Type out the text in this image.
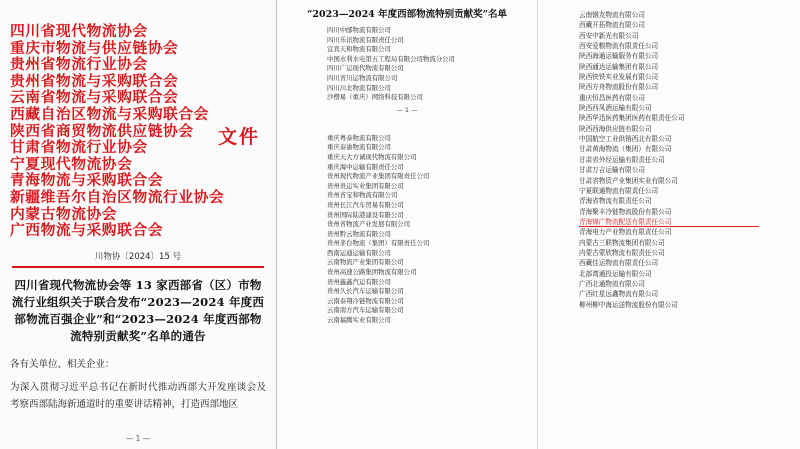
四川省现代物流协会
重庆市物流与供应链协会
贵州省物流行业协会
贵州省物流与采购联合会
云南省物流与采购联合会
西藏自治区物流与采购联合会
陕西省商贸物流供应链协会
甘肃省物流行业协会
宁夏现代物流协会
青海物流与采购联合会
新疆维吾尔自治区物流行业协会
内蒙古物流协会
广西物流与采购联合会
文件
川物协〔2024〕15 号
四川省现代物流协会等 13 家西部省（区）市物流行业组织关于联合发布“2023—2024 年度西部物流百强企业”和“2023—2024 年度西部物流特别贡献奖”名单的通告
各有关单位、相关企业：
为深入贯彻习近平总书记在新时代推动西部大开发座谈会及考察西部陆海新通道时的重要讲话精神，打造西部地区
— 1 —
“2023—2024 年度西部物流特别贡献奖”名单
四川中邮物流有限公司
四川乐讯物流有限责任公司
宜宾天和物流有限公司
中国水利水电第五工程局有限公司物流分公司
四川广运现代物流有限公司
四川省川运物流有限公司
四川川北物流有限公司
沙僧易（重庆）网络科技有限公司
— 1 —
重庆粤泰物流有限公司
重庆泰渝物流有限公司
重庆天大方诚现代物流有限公司
重庆海中运输有限责任公司
贵州现代物流产业集团有限责任公司
贵州贵运实业集团有限公司
贵州省宝和物流有限公司
贵州长江汽车贸易有限公司
贵州国际陆港建设有限公司
贵州省物流产业发展有限公司
贵州黔云物流有限公司
贵州茅台物流（集团）有限责任公司
西南运通运输有限公司
云南物流产业集团有限公司
贵州高速公路集团物流有限公司
贵州鑫鑫汽运有限公司
贵州久长汽车运输有限公司
云南泰翔冷链物流有限公司
云南南方汽车运输有限公司
云南福腾实业有限公司
云南钢友物流有限公司
西藏开拓物流有限公司
西安中新光有限公司
西安爱粮物流有限责任公司
陕西海通运输服务有限公司
陕西通达运输集团有限公司
陕西快铁实业发展有限公司
陕西方舟物流股份有限公司
重庆恒昌医药有限公司
陕西西凤酒运输有限公司
陕西华迅医药集团医药有限责任公司
陕西西海供应链有限公司
中国航空工业供销西北有限公司
甘肃黄海物流（集团）有限公司
甘肃省外经运输有限责任公司
甘肃万吉运输有限公司
甘肃省物资产业集团实业有限公司
宁夏联通物流有限责任公司
青海省物流有限责任公司
青海聚丰冷链物流股份有限公司
青海锦广物流配送有限责任公司
青海电力产业物流有限责任公司
内蒙古三联物流集团有限公司
内蒙古蒙欣物流有限责任公司
西藏佳运物流有限责任公司
北部湾通投运输有限公司
广西北通物流有限公司
广西红星远鑫物流有限公司
柳州柳中海运送物流股份有限公司
